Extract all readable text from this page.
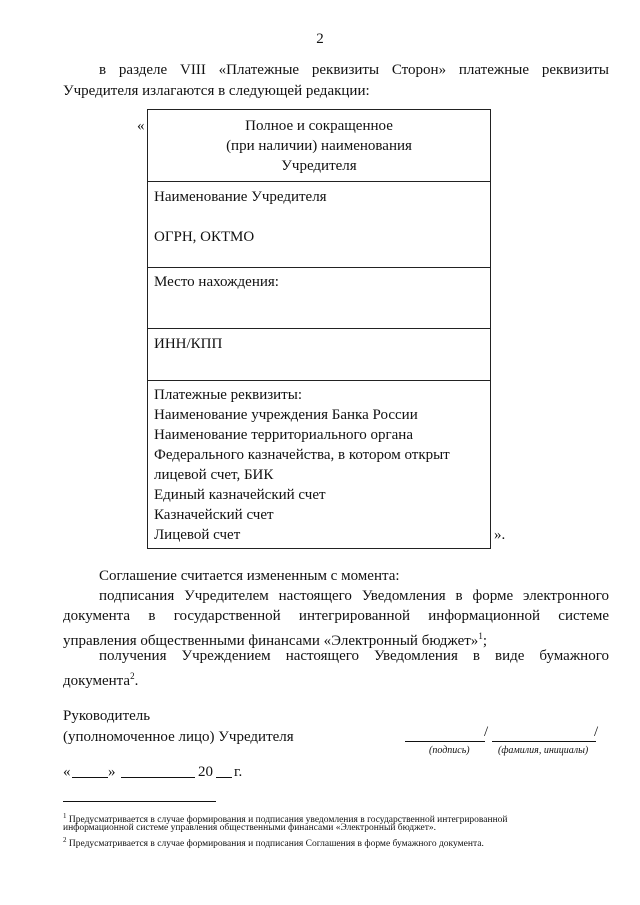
2
в разделе VIII «Платежные реквизиты Сторон» платежные реквизиты
Учредителя излагаются в следующей редакции:
«
».
Полное и сокращенное
(при наличии) наименования
Учредителя
Наименование Учредителя
ОГРН, ОКТМО
Место нахождения:
ИНН/КПП
Платежные реквизиты:
Наименование учреждения Банка России
Наименование территориального органа
Федерального казначейства, в котором открыт
лицевой счет, БИК
Единый казначейский счет
Казначейский счет
Лицевой счет
Соглашение считается измененным с момента:
подписания Учредителем настоящего Уведомления в форме электронного
документа в государственной интегрированной информационной системе
управления общественными финансами «Электронный бюджет»$^1$;
получения Учреждением настоящего Уведомления в виде бумажного
документа$^2$.
Руководитель
(уполномоченное лицо) Учредителя	/	/
(подпись)	(фамилия, инициалы)
«	»	20 г.
$^1$ Предусматривается в случае формирования и подписания уведомления в государственной интегрированной
информационной системе управления общественными финансами «Электронный бюджет».
$^2$ Предусматривается в случае формирования и подписания Соглашения в форме бумажного документа.
